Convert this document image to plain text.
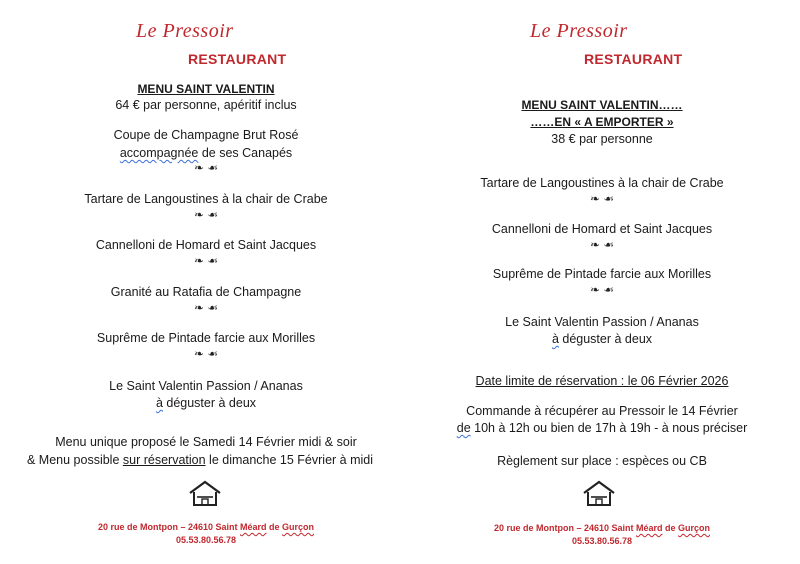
Le Pressoir
RESTAURANT
MENU SAINT VALENTIN
64 € par personne, apéritif inclus
Coupe de Champagne Brut Rosé
accompagnée de ses Canapés
❧ ☙
Tartare de Langoustines à la chair de Crabe
❧ ☙
Cannelloni de Homard et Saint Jacques
❧ ☙
Granité au Ratafia de Champagne
❧ ☙
Suprême de Pintade farcie aux Morilles
❧ ☙
Le Saint Valentin Passion / Ananas
à déguster à deux
Menu unique proposé le Samedi 14 Février midi & soir
& Menu possible sur réservation le dimanche 15 Février à midi
20 rue de Montpon – 24610 Saint Méard de Gurçon
05.53.80.56.78
Le Pressoir
RESTAURANT
MENU SAINT VALENTIN……
……EN « A EMPORTER »
38 € par personne
Tartare de Langoustines à la chair de Crabe
❧ ☙
Cannelloni de Homard et Saint Jacques
❧ ☙
Suprême de Pintade farcie aux Morilles
❧ ☙
Le Saint Valentin Passion / Ananas
à déguster à deux
Date limite de réservation : le 06 Février 2026
Commande à récupérer au Pressoir le 14 Février
de 10h à 12h ou bien de 17h à 19h - à nous préciser
Règlement sur place : espèces ou CB
20 rue de Montpon – 24610 Saint Méard de Gurçon
05.53.80.56.78
